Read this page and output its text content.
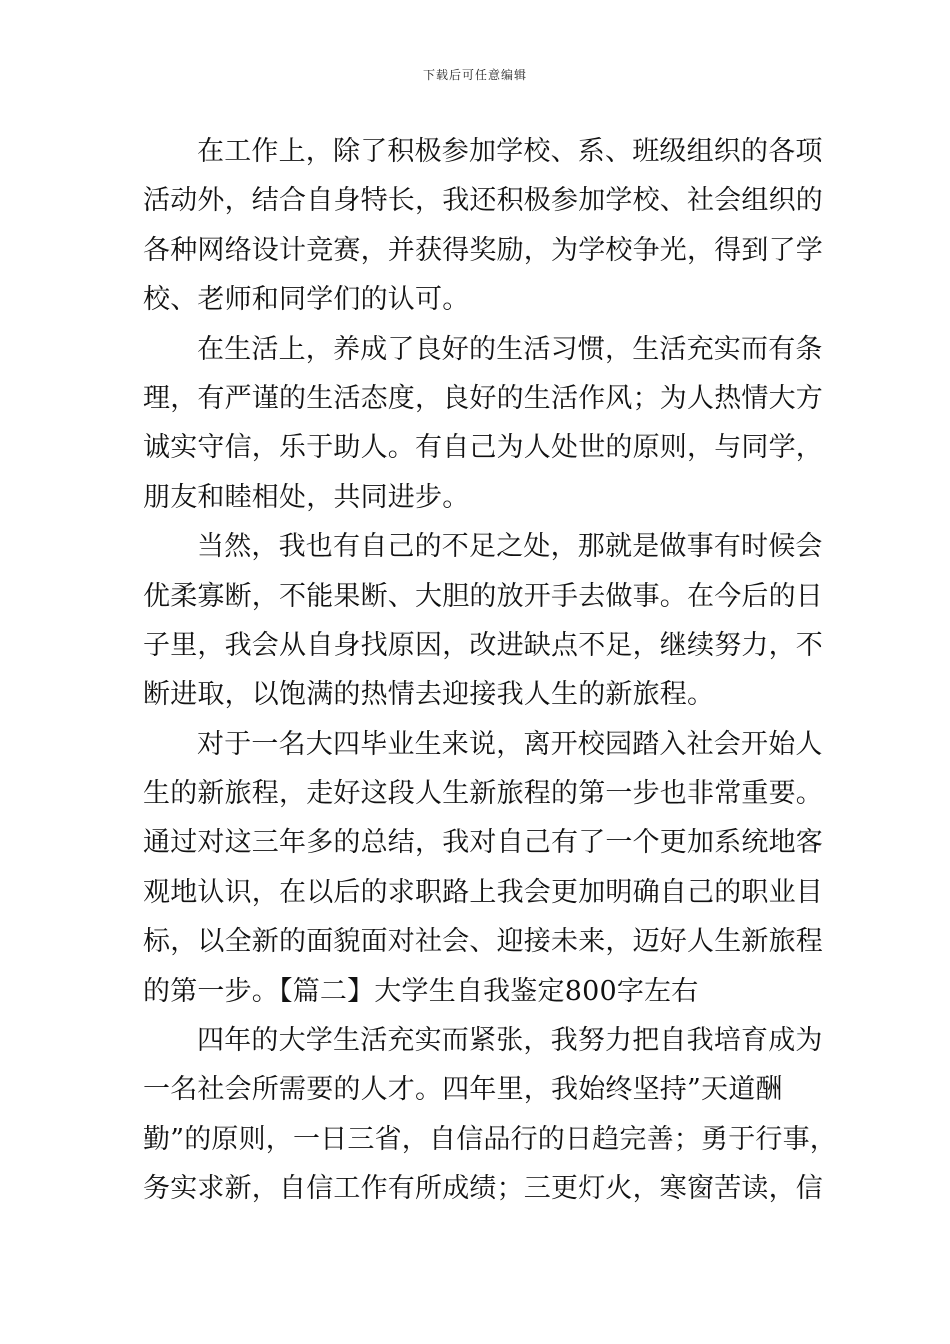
下载后可任意编辑
在工作上，除了积极参加学校、系、班级组织的各项
活动外，结合自身特长，我还积极参加学校、社会组织的
各种网络设计竞赛，并获得奖励，为学校争光，得到了学
校、老师和同学们的认可。
在生活上，养成了良好的生活习惯，生活充实而有条
理，有严谨的生活态度，良好的生活作风；为人热情大方
诚实守信，乐于助人。有自己为人处世的原则，与同学，
朋友和睦相处，共同进步。
当然，我也有自己的不足之处，那就是做事有时候会
优柔寡断，不能果断、大胆的放开手去做事。在今后的日
子里，我会从自身找原因，改进缺点不足，继续努力，不
断进取，以饱满的热情去迎接我人生的新旅程。
对于一名大四毕业生来说，离开校园踏入社会开始人
生的新旅程，走好这段人生新旅程的第一步也非常重要。
通过对这三年多的总结，我对自己有了一个更加系统地客
观地认识，在以后的求职路上我会更加明确自己的职业目
标，以全新的面貌面对社会、迎接未来，迈好人生新旅程
的第一步。【篇二】大学生自我鉴定800字左右
四年的大学生活充实而紧张，我努力把自我培育成为
一名社会所需要的人才。四年里，我始终坚持”天道酬
勤”的原则，一日三省，自信品行的日趋完善；勇于行事，
务实求新，自信工作有所成绩；三更灯火，寒窗苦读，信
